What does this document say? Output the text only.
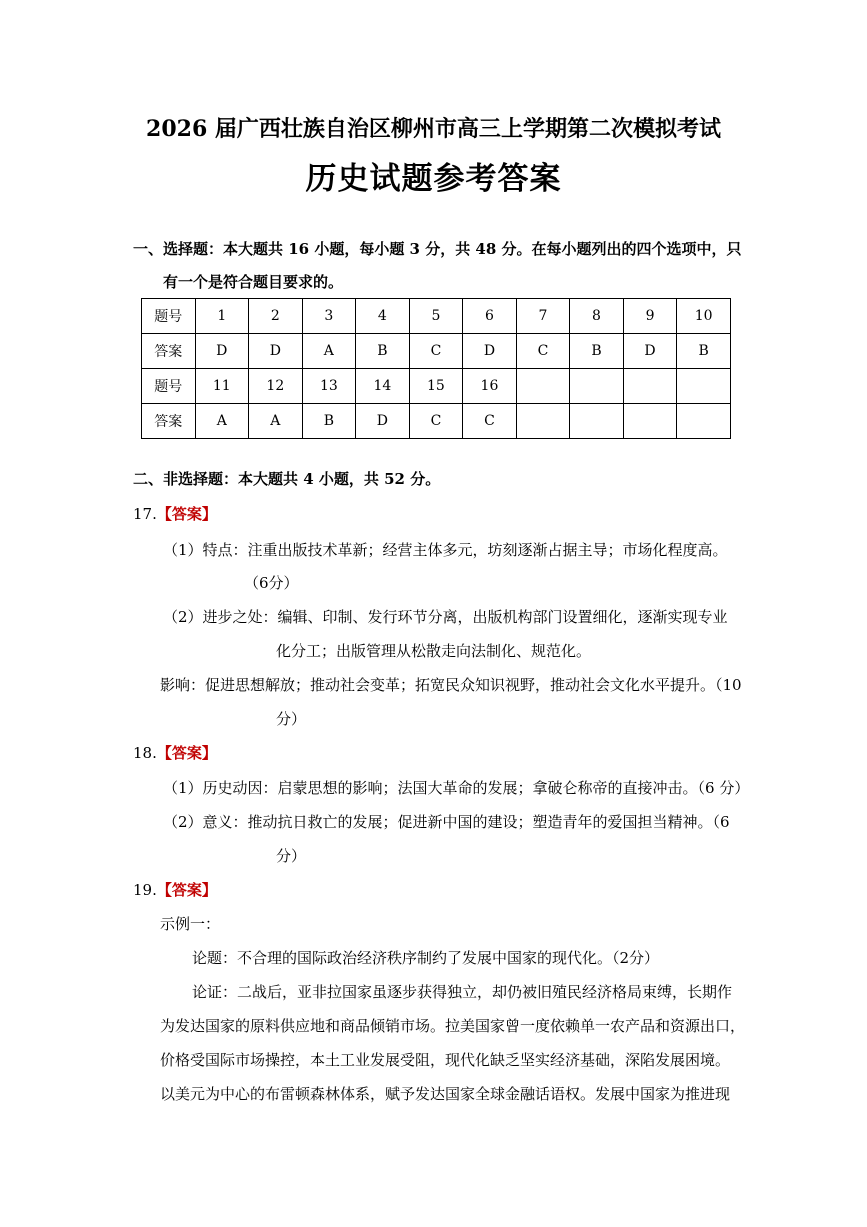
2026 届广西壮族自治区柳州市高三上学期第二次模拟考试
历史试题参考答案
一、选择题：本大题共 16 小题，每小题 3 分，共 48 分。在每小题列出的四个选项中，只
有一个是符合题目要求的。
题号	1	2	3	4	5	6	7	8	9	10
答案	D	D	A	B	C	D	C	B	D	B
题号	11	12	13	14	15	16				
答案	A	A	B	D	C	C				
二、非选择题：本大题共 4 小题，共 52 分。
17.【答案】
（1）特点：注重出版技术革新；经营主体多元，坊刻逐渐占据主导；市场化程度高。
（6分）
（2）进步之处：编辑、印制、发行环节分离，出版机构部门设置细化，逐渐实现专业
化分工；出版管理从松散走向法制化、规范化。
影响：促进思想解放；推动社会变革；拓宽民众知识视野，推动社会文化水平提升。（10
分）
18.【答案】
（1）历史动因：启蒙思想的影响；法国大革命的发展；拿破仑称帝的直接冲击。（6 分）
（2）意义：推动抗日救亡的发展；促进新中国的建设；塑造青年的爱国担当精神。（6
分）
19.【答案】
示例一：
论题：不合理的国际政治经济秩序制约了发展中国家的现代化。（2分）
论证：二战后，亚非拉国家虽逐步获得独立，却仍被旧殖民经济格局束缚，长期作
为发达国家的原料供应地和商品倾销市场。拉美国家曾一度依赖单一农产品和资源出口，
价格受国际市场操控，本土工业发展受阻，现代化缺乏坚实经济基础，深陷发展困境。
以美元为中心的布雷顿森林体系，赋予发达国家全球金融话语权。发展中国家为推进现
